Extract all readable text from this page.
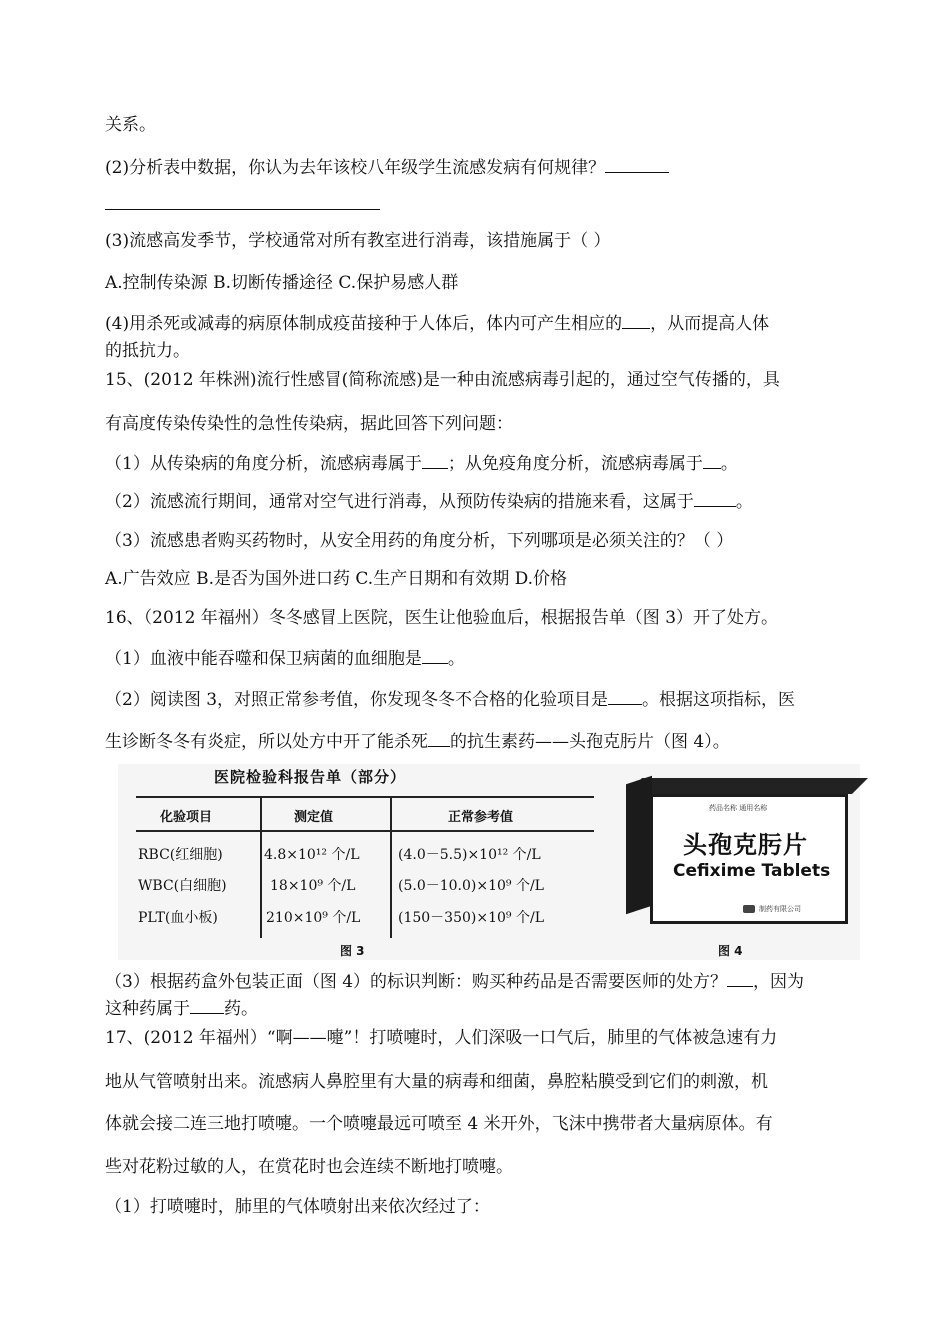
关系。
(2)分析表中数据，你认为去年该校八年级学生流感发病有何规律？
(3)流感高发季节，学校通常对所有教室进行消毒，该措施属于（ ）
A.控制传染源 B.切断传播途径 C.保护易感人群
(4)用杀死或减毒的病原体制成疫苗接种于人体后，体内可产生相应的 ，从而提高人体
的抵抗力。
15、(2012 年株洲)流行性感冒(简称流感)是一种由流感病毒引起的，通过空气传播的，具
有高度传染传染性的急性传染病，据此回答下列问题：
（1）从传染病的角度分析，流感病毒属于 ；从免疫角度分析，流感病毒属于 。
（2）流感流行期间，通常对空气进行消毒，从预防传染病的措施来看，这属于 。
（3）流感患者购买药物时，从安全用药的角度分析，下列哪项是必须关注的？（ ）
A.广告效应 B.是否为国外进口药 C.生产日期和有效期 D.价格
16、（2012 年福州）冬冬感冒上医院，医生让他验血后，根据报告单（图 3）开了处方。
（1）血液中能吞噬和保卫病菌的血细胞是 。
（2）阅读图 3，对照正常参考值，你发现冬冬不合格的化验项目是 。根据这项指标，医
生诊断冬冬有炎症，所以处方中开了能杀死 的抗生素药——头孢克肟片（图 4）。
医院检验科报告单（部分）
化验项目	测定值	正常参考值
RBC(红细胞)	4.8×10¹² 个/L	(4.0－5.5)×10¹² 个/L
WBC(白细胞)	18×10⁹ 个/L	(5.0－10.0)×10⁹ 个/L
PLT(血小板)	210×10⁹ 个/L	(150－350)×10⁹ 个/L
图 3
药品名称 通用名称
头孢克肟片
Cefixime Tablets
制药有限公司
图 4
（3）根据药盒外包装正面（图 4）的标识判断：购买种药品是否需要医师的处方？ ，因为
这种药属于 药。
17、(2012 年福州）“啊——嚏”！打喷嚏时，人们深吸一口气后，肺里的气体被急速有力
地从气管喷射出来。流感病人鼻腔里有大量的病毒和细菌，鼻腔粘膜受到它们的刺激，机
体就会接二连三地打喷嚏。一个喷嚏最远可喷至 4 米开外，飞沫中携带者大量病原体。有
些对花粉过敏的人，在赏花时也会连续不断地打喷嚏。
（1）打喷嚏时，肺里的气体喷射出来依次经过了：
